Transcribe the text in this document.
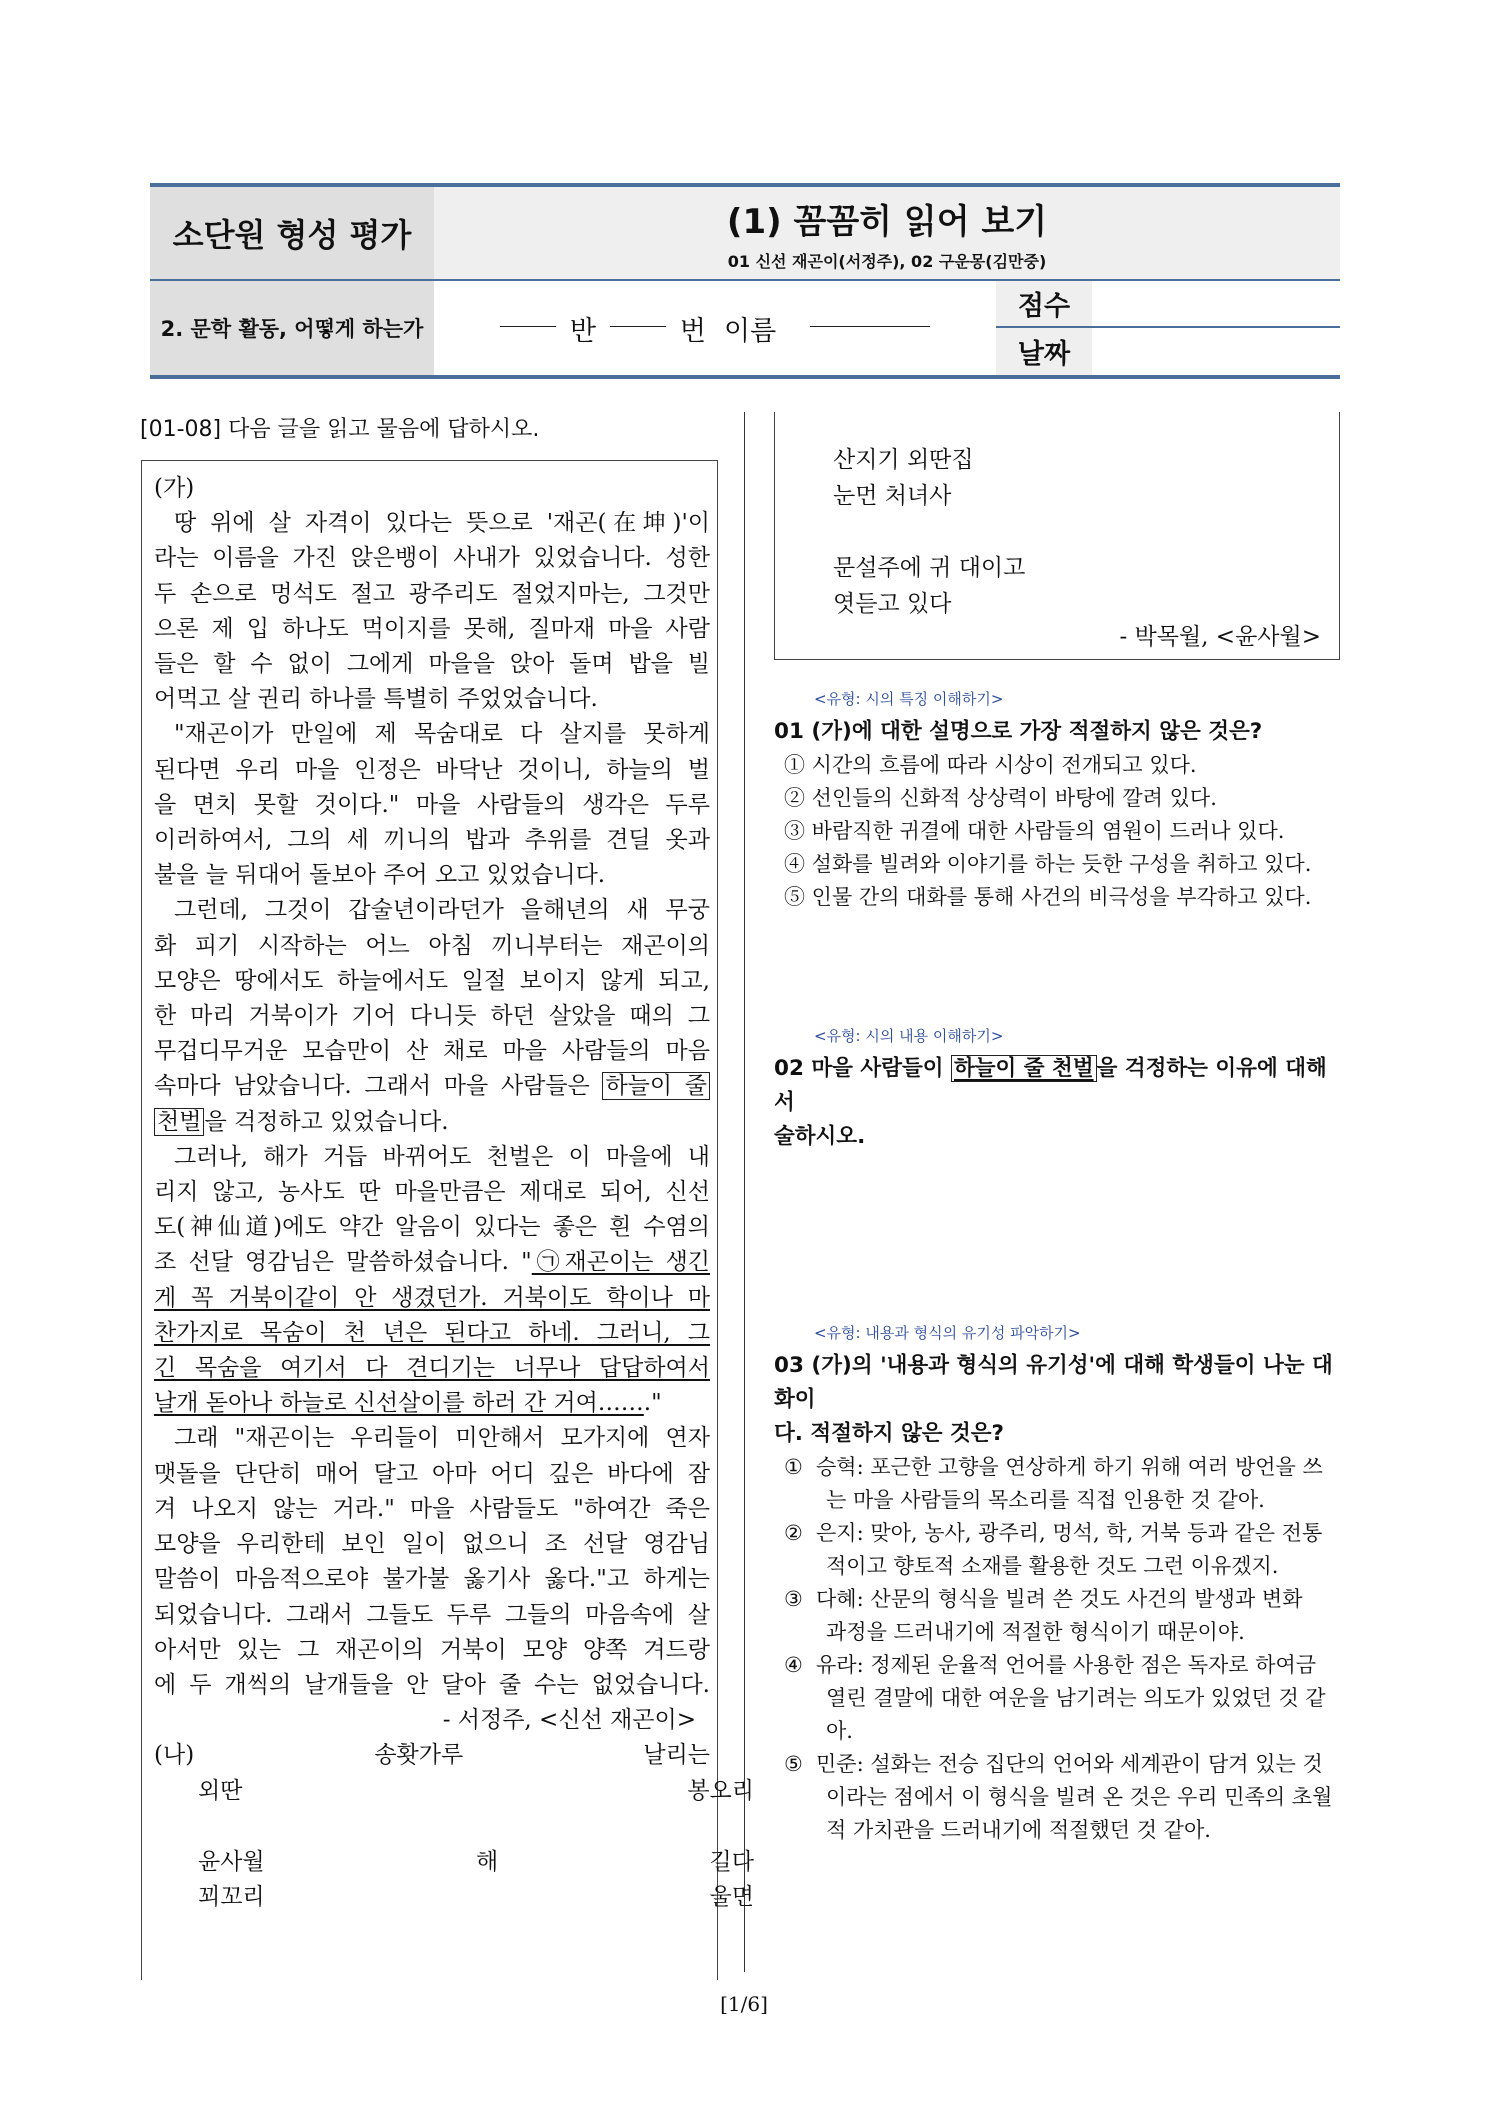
소단원 형성 평가	(1) 꼼꼼히 읽어 보기
01 신선 재곤이(서정주), 02 구운몽(김만중)
2. 문학 활동, 어떻게 하는가	반	번 이름
점수
날짜
[01-08] 다음 글을 읽고 물음에 답하시오.

(가)

땅 위에 살 자격이 있다는 뜻으로 '재곤(在坤)'이

라는 이름을 가진 앉은뱅이 사내가 있었습니다. 성한

두 손으로 멍석도 절고 광주리도 절었지마는, 그것만

으론 제 입 하나도 먹이지를 못해, 질마재 마을 사람

들은 할 수 없이 그에게 마을을 앉아 돌며 밥을 빌

어먹고 살 권리 하나를 특별히 주었었습니다.

"재곤이가 만일에 제 목숨대로 다 살지를 못하게

된다면 우리 마을 인정은 바닥난 것이니, 하늘의 벌

을 면치 못할 것이다." 마을 사람들의 생각은 두루

이러하여서, 그의 세 끼니의 밥과 추위를 견딜 옷과

불을 늘 뒤대어 돌보아 주어 오고 있었습니다.

그런데, 그것이 갑술년이라던가 을해년의 새 무궁

화 피기 시작하는 어느 아침 끼니부터는 재곤이의

모양은 땅에서도 하늘에서도 일절 보이지 않게 되고,

한 마리 거북이가 기어 다니듯 하던 살았을 때의 그

무겁디무거운 모습만이 산 채로 마을 사람들의 마음

속마다 남았습니다. 그래서 마을 사람들은 하늘이 줄

천벌 을 걱정하고 있었습니다.

그러나, 해가 거듭 바뀌어도 천벌은 이 마을에 내

리지 않고, 농사도 딴 마을만큼은 제대로 되어, 신선

도(神仙道)에도 약간 알음이 있다는 좋은 흰 수염의

조 선달 영감님은 말씀하셨습니다. "㉠재곤이는 생긴

게 꼭 거북이같이 안 생겼던가. 거북이도 학이나 마

찬가지로 목숨이 천 년은 된다고 하네. 그러니, 그

긴 목숨을 여기서 다 견디기는 너무나 답답하여서

날개 돋아나 하늘로 신선살이를 하러 간 거여……."

그래 "재곤이는 우리들이 미안해서 모가지에 연자

맷돌을 단단히 매어 달고 아마 어디 깊은 바다에 잠

겨 나오지 않는 거라." 마을 사람들도 "하여간 죽은

모양을 우리한테 보인 일이 없으니 조 선달 영감님

말씀이 마음적으로야 불가불 옳기사 옳다."고 하게는

되었습니다. 그래서 그들도 두루 그들의 마음속에 살

아서만 있는 그 재곤이의 거북이 모양 양쪽 겨드랑

에 두 개씩의 날개들을 안 달아 줄 수는 없었습니다.

- 서정주, <신선 재곤이>

(나)	송홧가루 날리는

외딴 봉오리

윤사월 해 길다

꾀꼬리 울면

산지기 외딴집

눈먼 처녀사

문설주에 귀 대이고

엿듣고 있다

- 박목월, <윤사월>
<유형: 시의 특징 이해하기>
01 (가)에 대한 설명으로 가장 적절하지 않은 것은?
① 시간의 흐름에 따라 시상이 전개되고 있다.
② 선인들의 신화적 상상력이 바탕에 깔려 있다.
③ 바람직한 귀결에 대한 사람들의 염원이 드러나 있다.
④ 설화를 빌려와 이야기를 하는 듯한 구성을 취하고 있다.
⑤ 인물 간의 대화를 통해 사건의 비극성을 부각하고 있다.
<유형: 시의 내용 이해하기>
02 마을 사람들이 하늘이 줄 천벌 을 걱정하는 이유에 대해 서
술하시오.
<유형: 내용과 형식의 유기성 파악하기>
03 (가)의 '내용과 형식의 유기성'에 대해 학생들이 나눈 대화이
다. 적절하지 않은 것은?
① 승혁: 포근한 고향을 연상하게 하기 위해 여러 방언을 쓰
는 마을 사람들의 목소리를 직접 인용한 것 같아.
② 은지: 맞아, 농사, 광주리, 멍석, 학, 거북 등과 같은 전통
적이고 향토적 소재를 활용한 것도 그런 이유겠지.
③ 다혜: 산문의 형식을 빌려 쓴 것도 사건의 발생과 변화
과정을 드러내기에 적절한 형식이기 때문이야.
④ 유라: 정제된 운율적 언어를 사용한 점은 독자로 하여금
열린 결말에 대한 여운을 남기려는 의도가 있었던 것 같
아.
⑤ 민준: 설화는 전승 집단의 언어와 세계관이 담겨 있는 것
이라는 점에서 이 형식을 빌려 온 것은 우리 민족의 초월
적 가치관을 드러내기에 적절했던 것 같아.
[1/6]
